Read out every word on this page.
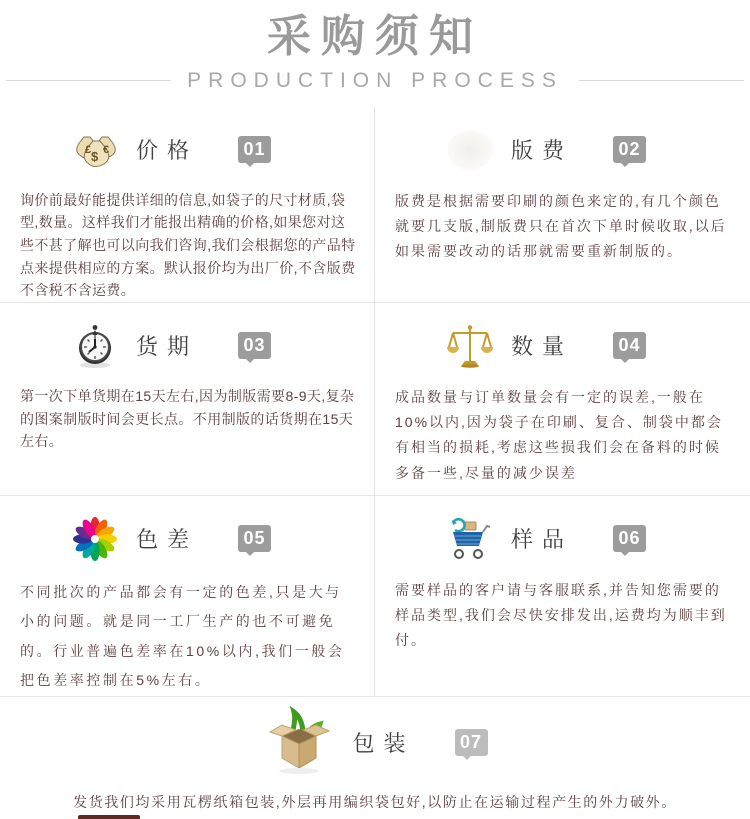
采购须知
PRODUCTION PROCESS
£ $ € 价格	01

询价前最好能提供详细的信息,如袋子的尺寸材质,袋型,数量。这样我们才能报出精确的价格,如果您对这些不甚了解也可以向我们咨询,我们会根据您的产品特点来提供相应的方案。默认报价均为出厂价,不含版费不含税不含运费。

版费	02

版费是根据需要印刷的颜色来定的,有几个颜色就要几支版,制版费只在首次下单时候收取,以后如果需要改动的话那就需要重新制版的。

货期	03

第一次下单货期在15天左右,因为制版需要8-9天,复杂的图案制版时间会更长点。不用制版的话货期在15天左右。

数量	04

成品数量与订单数量会有一定的误差,一般在10%以内,因为袋子在印刷、复合、制袋中都会有相当的损耗,考虑这些损我们会在备料的时候多备一些,尽量的减少误差

色差	05

不同批次的产品都会有一定的色差,只是大与小的问题。就是同一工厂生产的也不可避免的。行业普遍色差率在10%以内,我们一般会把色差率控制在5%左右。

样品	06

需要样品的客户请与客服联系,并告知您需要的样品类型,我们会尽快安排发出,运费均为顺丰到付。

包装	07

发货我们均采用瓦楞纸箱包装,外层再用编织袋包好,以防止在运输过程产生的外力破外。
